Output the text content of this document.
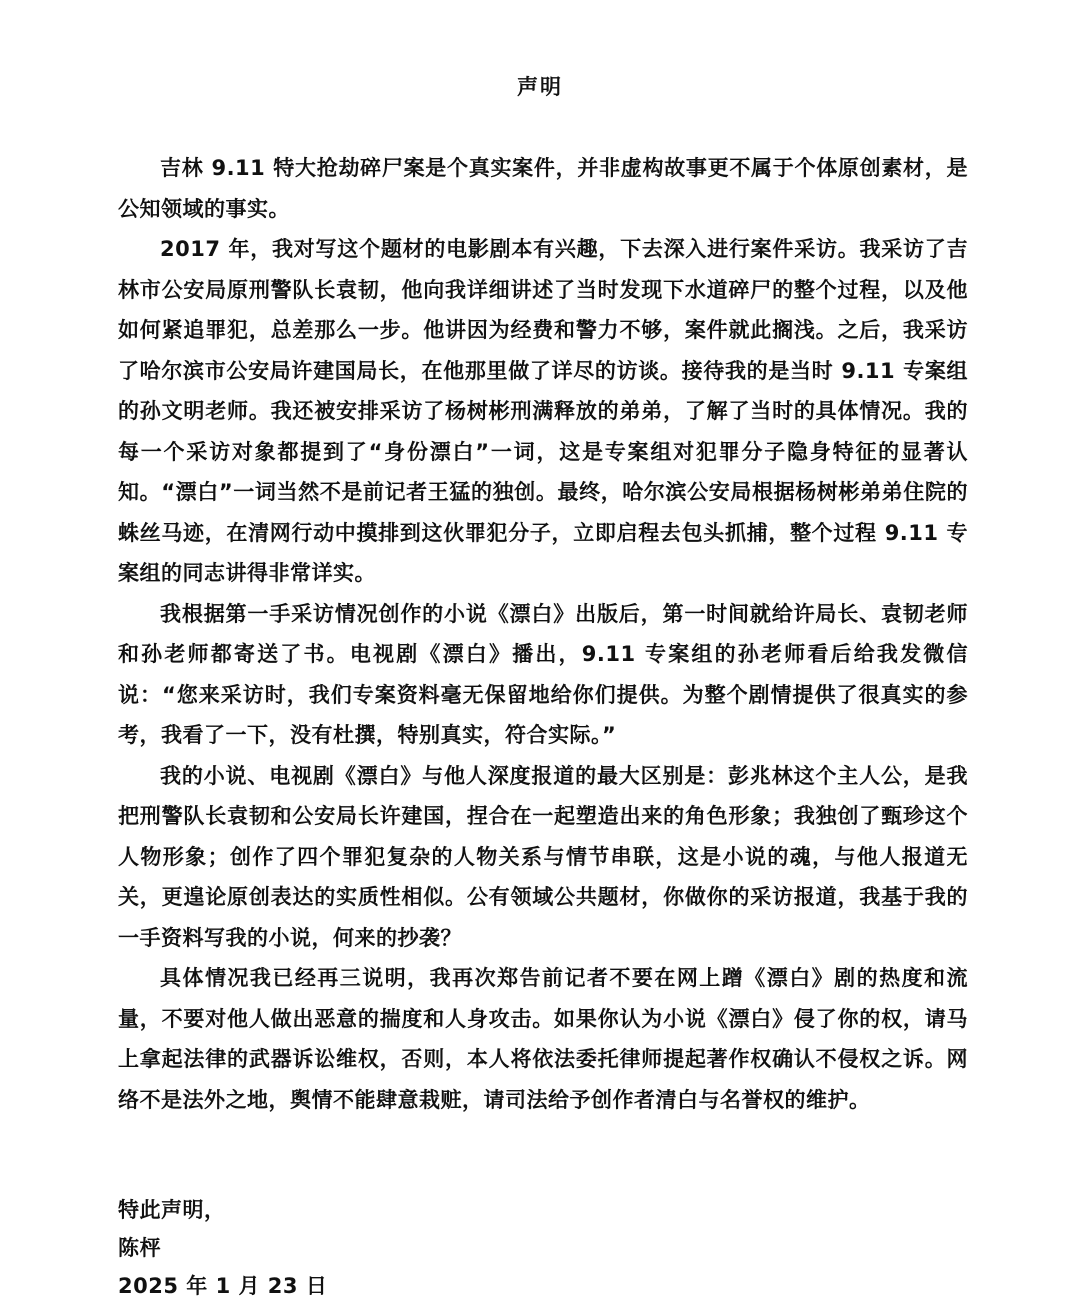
声明

吉林 9.11 特大抢劫碎尸案是个真实案件，并非虚构故事更不属于个体原创素材，是公知领域的事实。

2017 年，我对写这个题材的电影剧本有兴趣，下去深入进行案件采访。我采访了吉林市公安局原刑警队长袁韧，他向我详细讲述了当时发现下水道碎尸的整个过程，以及他如何紧追罪犯，总差那么一步。他讲因为经费和警力不够，案件就此搁浅。之后，我采访了哈尔滨市公安局许建国局长，在他那里做了详尽的访谈。接待我的是当时 9.11 专案组的孙文明老师。我还被安排采访了杨树彬刑满释放的弟弟，了解了当时的具体情况。我的每一个采访对象都提到了“身份漂白”一词，这是专案组对犯罪分子隐身特征的显著认知。“漂白”一词当然不是前记者王猛的独创。最终，哈尔滨公安局根据杨树彬弟弟住院的蛛丝马迹，在清网行动中摸排到这伙罪犯分子，立即启程去包头抓捕，整个过程 9.11 专案组的同志讲得非常详实。

我根据第一手采访情况创作的小说《漂白》出版后，第一时间就给许局长、袁韧老师和孙老师都寄送了书。电视剧《漂白》播出，9.11 专案组的孙老师看后给我发微信说：“您来采访时，我们专案资料毫无保留地给你们提供。为整个剧情提供了很真实的参考，我看了一下，没有杜撰，特别真实，符合实际。”

我的小说、电视剧《漂白》与他人深度报道的最大区别是：彭兆林这个主人公，是我把刑警队长袁韧和公安局长许建国，捏合在一起塑造出来的角色形象；我独创了甄珍这个人物形象；创作了四个罪犯复杂的人物关系与情节串联，这是小说的魂，与他人报道无关，更遑论原创表达的实质性相似。公有领域公共题材，你做你的采访报道，我基于我的一手资料写我的小说，何来的抄袭？

具体情况我已经再三说明，我再次郑告前记者不要在网上蹭《漂白》剧的热度和流量，不要对他人做出恶意的揣度和人身攻击。如果你认为小说《漂白》侵了你的权，请马上拿起法律的武器诉讼维权，否则，本人将依法委托律师提起著作权确认不侵权之诉。网络不是法外之地，舆情不能肆意栽赃，请司法给予创作者清白与名誉权的维护。

特此声明，
陈枰
2025 年 1 月 23 日
